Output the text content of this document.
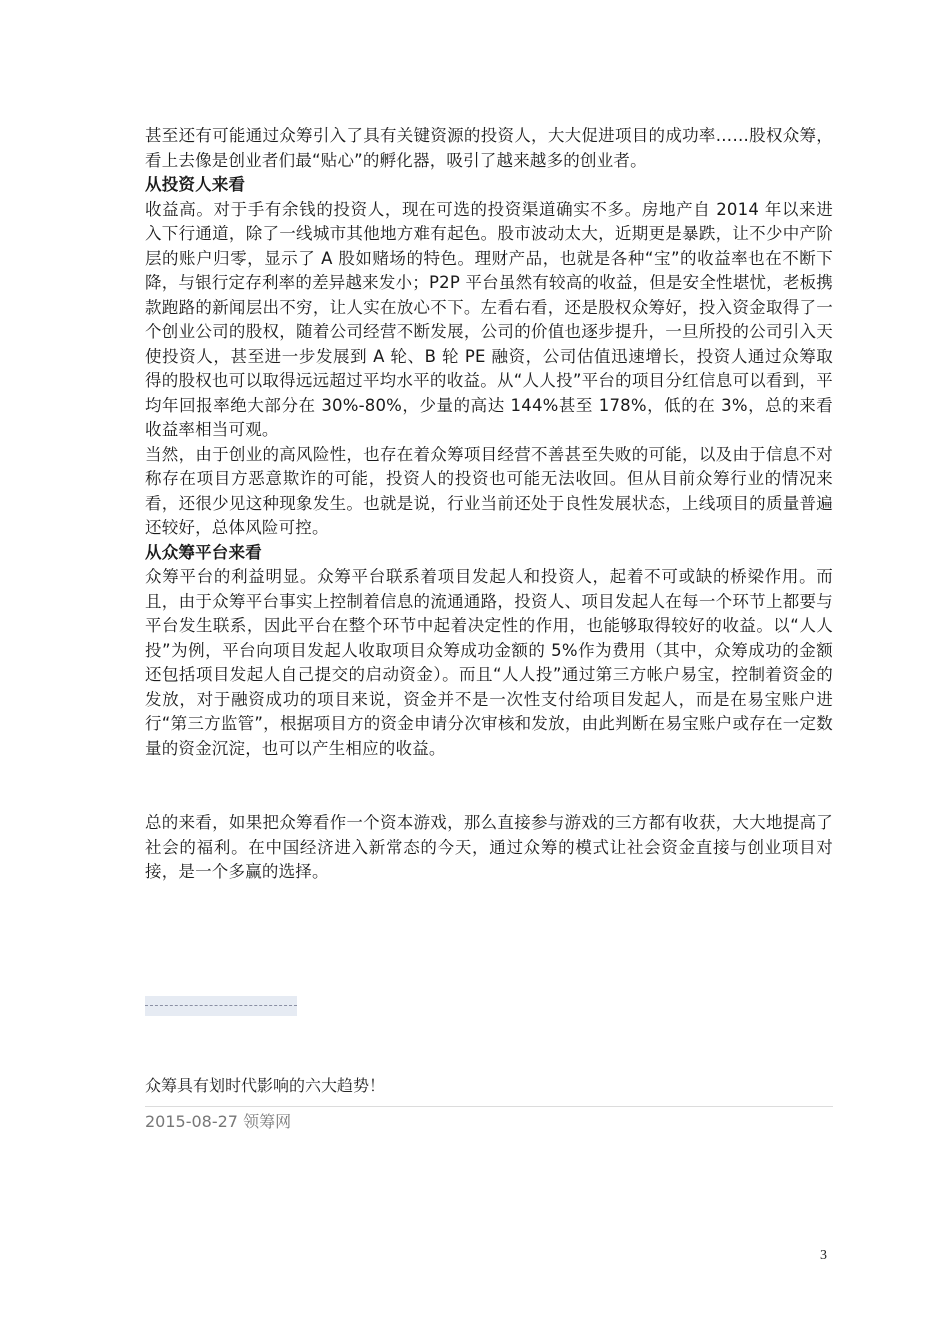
甚至还有可能通过众筹引入了具有关键资源的投资人，大大促进项目的成功率……股权众筹，看上去像是创业者们最“贴心”的孵化器，吸引了越来越多的创业者。

从投资人来看

收益高。对于手有余钱的投资人，现在可选的投资渠道确实不多。房地产自 2014 年以来进入下行通道，除了一线城市其他地方难有起色。股市波动太大，近期更是暴跌，让不少中产阶层的账户归零，显示了 A 股如赌场的特色。理财产品，也就是各种“宝”的收益率也在不断下降，与银行定存利率的差异越来发小；P2P 平台虽然有较高的收益，但是安全性堪忧，老板携款跑路的新闻层出不穷，让人实在放心不下。左看右看，还是股权众筹好，投入资金取得了一个创业公司的股权，随着公司经营不断发展，公司的价值也逐步提升，一旦所投的公司引入天使投资人，甚至进一步发展到 A 轮、B 轮 PE 融资，公司估值迅速增长，投资人通过众筹取得的股权也可以取得远远超过平均水平的收益。从“人人投”平台的项目分红信息可以看到，平均年回报率绝大部分在 30%-80%，少量的高达 144%甚至 178%，低的在 3%，总的来看收益率相当可观。

当然，由于创业的高风险性，也存在着众筹项目经营不善甚至失败的可能，以及由于信息不对称存在项目方恶意欺诈的可能，投资人的投资也可能无法收回。但从目前众筹行业的情况来看，还很少见这种现象发生。也就是说，行业当前还处于良性发展状态，上线项目的质量普遍还较好，总体风险可控。

从众筹平台来看

众筹平台的利益明显。众筹平台联系着项目发起人和投资人，起着不可或缺的桥梁作用。而且，由于众筹平台事实上控制着信息的流通通路，投资人、项目发起人在每一个环节上都要与平台发生联系，因此平台在整个环节中起着决定性的作用，也能够取得较好的收益。以“人人投”为例，平台向项目发起人收取项目众筹成功金额的 5%作为费用（其中，众筹成功的金额还包括项目发起人自己提交的启动资金）。而且“人人投”通过第三方帐户易宝，控制着资金的发放，对于融资成功的项目来说，资金并不是一次性支付给项目发起人，而是在易宝账户进行“第三方监管”，根据项目方的资金申请分次审核和发放，由此判断在易宝账户或存在一定数量的资金沉淀，也可以产生相应的收益。

总的来看，如果把众筹看作一个资本游戏，那么直接参与游戏的三方都有收获，大大地提高了社会的福利。在中国经济进入新常态的今天，通过众筹的模式让社会资金直接与创业项目对接，是一个多赢的选择。

众筹具有划时代影响的六大趋势！
2015-08-27 领筹网
3
